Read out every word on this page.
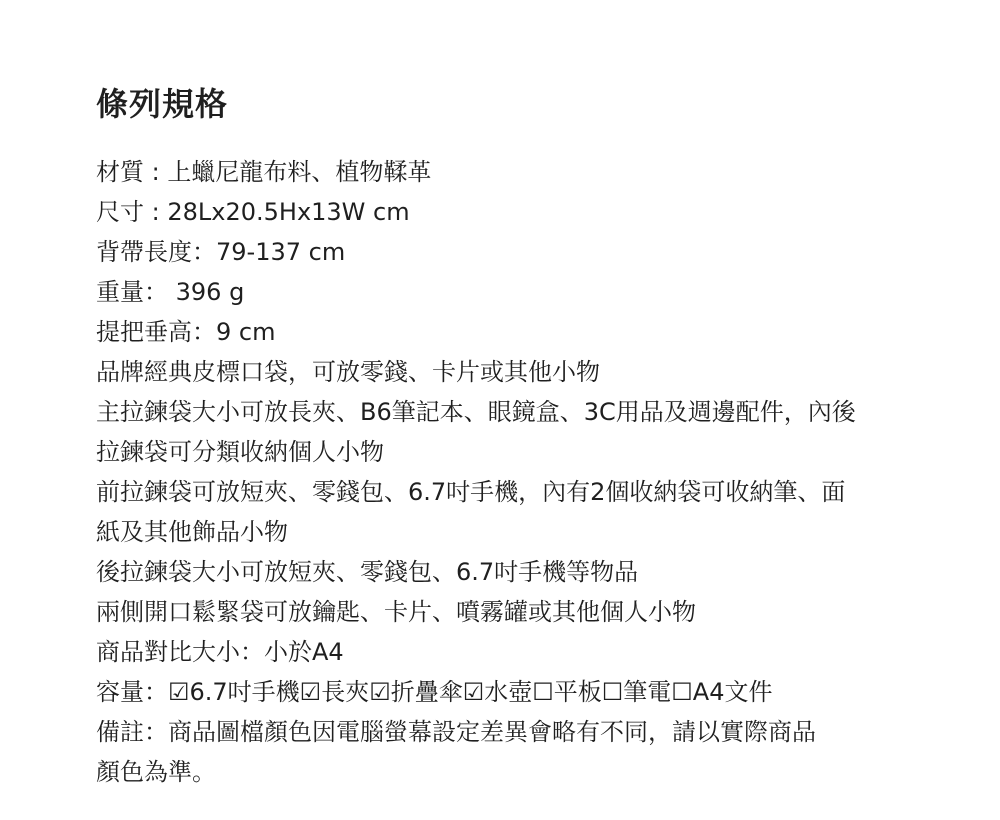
條列規格
材質 : 上蠟尼龍布料、植物鞣革
尺寸 : 28Lx20.5Hx13W cm
背帶長度：79-137 cm
重量： 396 g
提把垂高：9 cm
品牌經典皮標口袋，可放零錢、卡片或其他小物
主拉鍊袋大小可放長夾、B6筆記本、眼鏡盒、3C用品及週邊配件，內後
拉鍊袋可分類收納個人小物
前拉鍊袋可放短夾、零錢包、6.7吋手機，內有2個收納袋可收納筆、面
紙及其他飾品小物
後拉鍊袋大小可放短夾、零錢包、6.7吋手機等物品
兩側開口鬆緊袋可放鑰匙、卡片、噴霧罐或其他個人小物
商品對比大小：小於A4
容量：☑6.7吋手機☑長夾☑折疊傘☑水壺☐平板☐筆電☐A4文件
備註：商品圖檔顏色因電腦螢幕設定差異會略有不同，請以實際商品
顏色為準。
